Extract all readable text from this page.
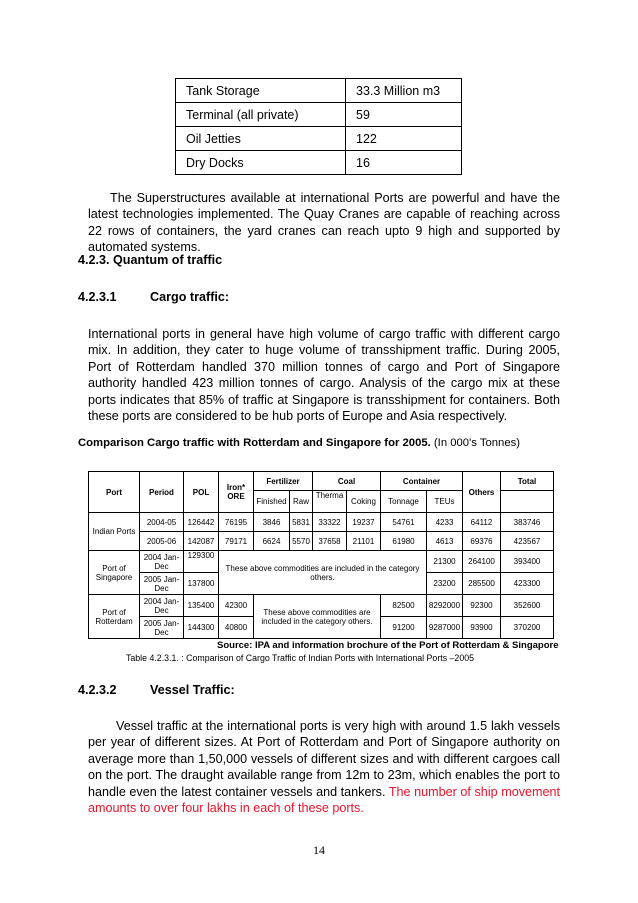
Tank Storage	33.3 Million m3
Terminal (all private)	59
Oil Jetties	122
Dry Docks	16
The Superstructures available at international Ports are powerful and have the latest technologies implemented. The Quay Cranes are capable of reaching across 22 rows of containers, the yard cranes can reach upto 9 high and supported by automated systems.
4.2.3. Quantum of traffic
4.2.3.1	Cargo traffic:
International ports in general have high volume of cargo traffic with different cargo mix. In addition, they cater to huge volume of transshipment traffic. During 2005, Port of Rotterdam handled 370 million tonnes of cargo and Port of Singapore authority handled 423 million tonnes of cargo. Analysis of the cargo mix at these ports indicates that 85% of traffic at Singapore is transshipment for containers. Both these ports are considered to be hub ports of Europe and Asia respectively.
Comparison Cargo traffic with Rotterdam and Singapore for 2005. (In 000's Tonnes)
Port	Period	POL	Iron* ORE	Fertilizer		Coal		Container		Others	Total
				Finished	Raw	Therma	Coking	Tonnage	TEUs		
Indian Ports	2004-05	126442	76195	3846	5831	33322	19237	54761	4233	64112	383746
	2005-06	142087	79171	6624	5570	37658	21101	61980	4613	69376	423567
Port of Singapore	2004 Jan-Dec	129300	These above commodities are included in the category others.						21300	264100	393400
	2005 Jan-Dec	137800							23200	285500	423300
Port of Rotterdam	2004 Jan-Dec	135400	42300	These above commodities are included in the category others.				82500	8292000	92300	352600
	2005 Jan-Dec	144300	40800					91200	9287000	93900	370200
Source: IPA and information brochure of the Port of Rotterdam & Singapore
Table 4.2.3.1. : Comparison of Cargo Traffic of Indian Ports with International Ports –2005
4.2.3.2	Vessel Traffic:
Vessel traffic at the international ports is very high with around 1.5 lakh vessels per year of different sizes. At Port of Rotterdam and Port of Singapore authority on average more than 1,50,000 vessels of different sizes and with different cargoes call on the port. The draught available range from 12m to 23m, which enables the port to handle even the latest container vessels and tankers. The number of ship movement amounts to over four lakhs in each of these ports.
14
